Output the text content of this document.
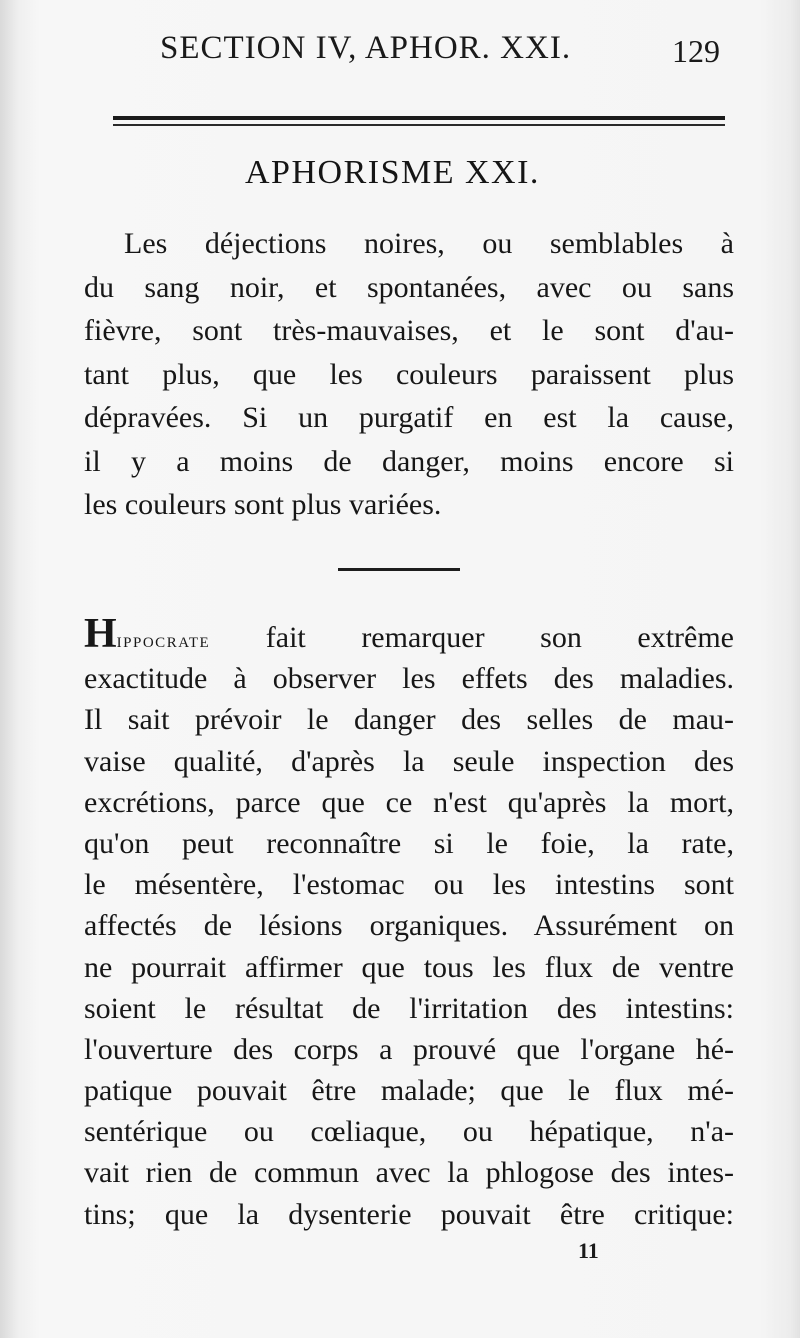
SECTION IV, APHOR. XXI.	129
APHORISME XXI.
Les déjections noires, ou semblables à
du sang noir, et spontanées, avec ou sans
fièvre, sont très-mauvaises, et le sont d'au-
tant plus, que les couleurs paraissent plus
dépravées. Si un purgatif en est la cause,
il y a moins de danger, moins encore si
les couleurs sont plus variées.
Hippocrate fait remarquer son extrême
exactitude à observer les effets des maladies.
Il sait prévoir le danger des selles de mau-
vaise qualité, d'après la seule inspection des
excrétions, parce que ce n'est qu'après la mort,
qu'on peut reconnaître si le foie, la rate,
le mésentère, l'estomac ou les intestins sont
affectés de lésions organiques. Assurément on
ne pourrait affirmer que tous les flux de ventre
soient le résultat de l'irritation des intestins:
l'ouverture des corps a prouvé que l'organe hé-
patique pouvait être malade; que le flux mé-
sentérique ou cœliaque, ou hépatique, n'a-
vait rien de commun avec la phlogose des intes-
tins; que la dysenterie pouvait être critique:
11
